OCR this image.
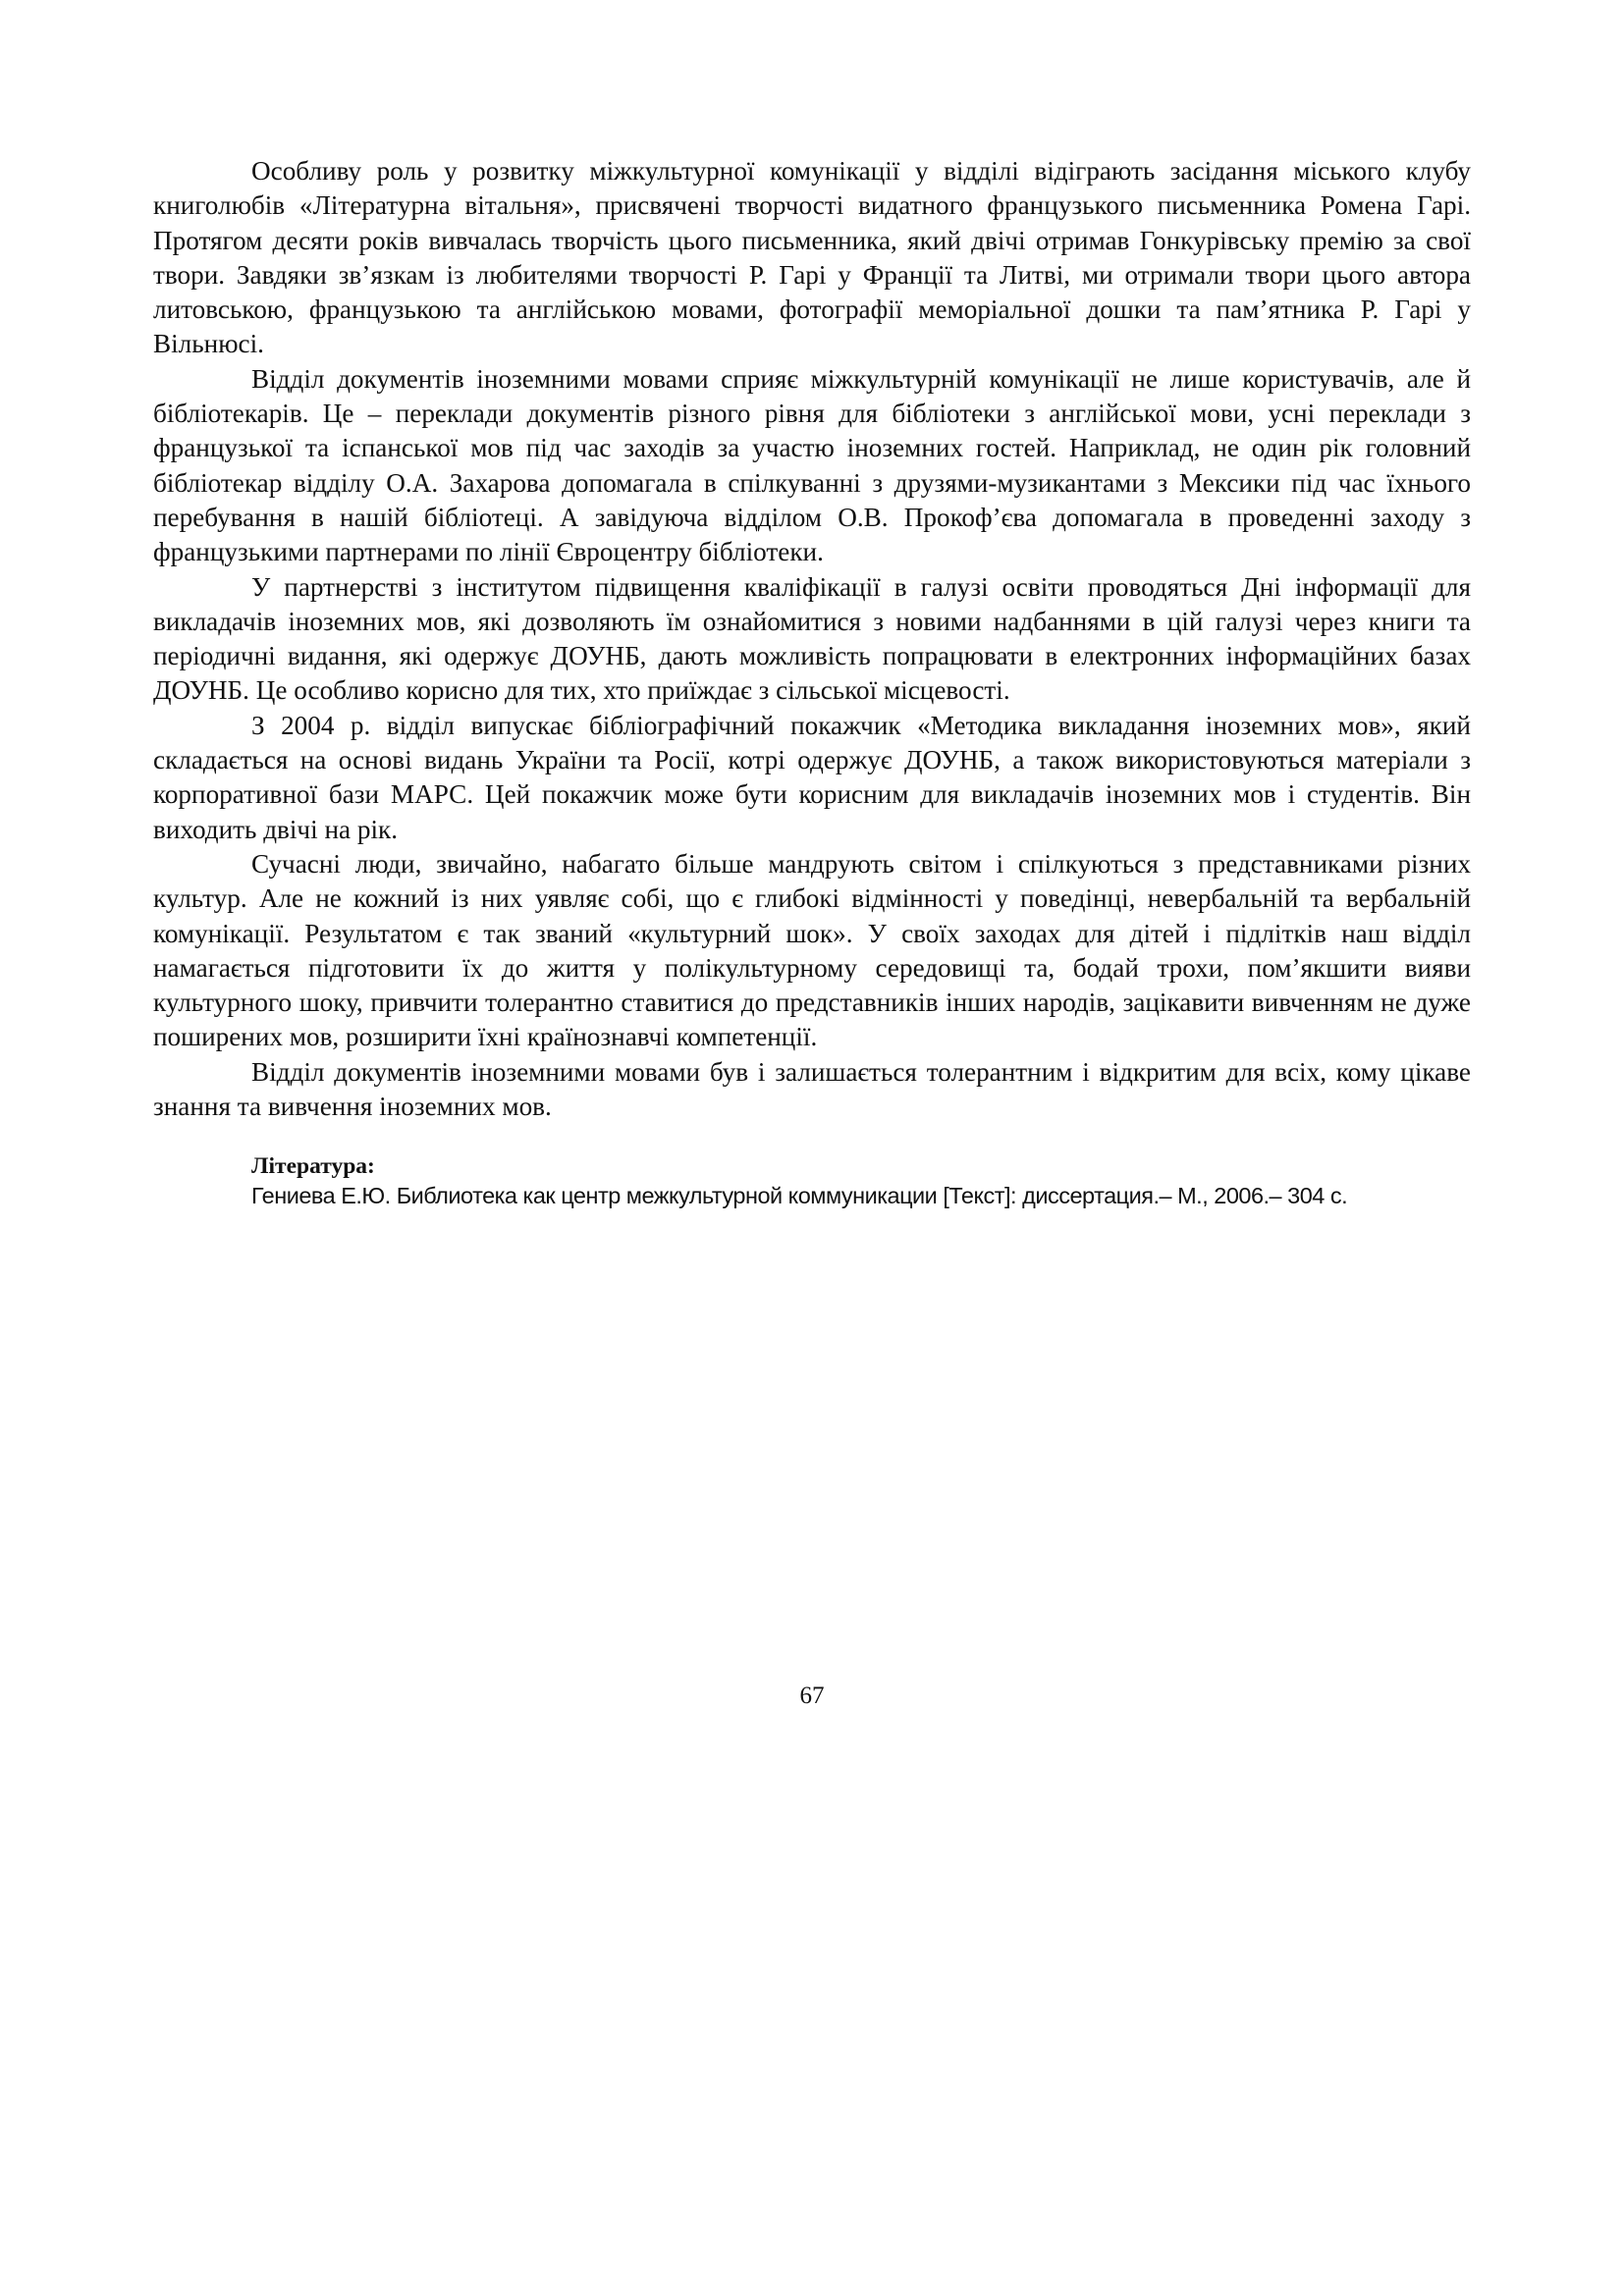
Особливу роль у розвитку міжкультурної комунікації у відділі відіграють засідання міського клубу книголюбів «Літературна вітальня», присвячені творчості видатного французького письменника Ромена Гарі. Протягом десяти років вивчалась творчість цього письменника, який двічі отримав Гонкурівську премію за свої твори. Завдяки зв’язкам із любителями творчості Р. Гарі у Франції та Литві, ми отримали твори цього автора литовською, французькою та англійською мовами, фотографії меморіальної дошки та пам’ятника Р. Гарі у Вільнюсі.

Відділ документів іноземними мовами сприяє міжкультурній комунікації не лише користувачів, але й бібліотекарів. Це – переклади документів різного рівня для бібліотеки з англійської мови, усні переклади з французької та іспанської мов під час заходів за участю іноземних гостей. Наприклад, не один рік головний бібліотекар відділу О.А. Захарова допомагала в спілкуванні з друзями-музикантами з Мексики під час їхнього перебування в нашій бібліотеці. А завідуюча відділом О.В. Прокоф’єва допомагала в проведенні заходу з французькими партнерами по лінії Євроцентру бібліотеки.

У партнерстві з інститутом підвищення кваліфікації в галузі освіти проводяться Дні інформації для викладачів іноземних мов, які дозволяють їм ознайомитися з новими надбаннями в цій галузі через книги та періодичні видання, які одержує ДОУНБ, дають можливість попрацювати в електронних інформаційних базах ДОУНБ. Це особливо корисно для тих, хто приїждає з сільської місцевості.

З 2004 р. відділ випускає бібліографічний покажчик «Методика викладання іноземних мов», який складається на основі видань України та Росії, котрі одержує ДОУНБ, а також використовуються матеріали з корпоративної бази МАРС. Цей покажчик може бути корисним для викладачів іноземних мов і студентів. Він виходить двічі на рік.

Сучасні люди, звичайно, набагато більше мандрують світом і спілкуються з представниками різних культур. Але не кожний із них уявляє собі, що є глибокі відмінності у поведінці, невербальній та вербальній комунікації. Результатом є так званий «культурний шок». У своїх заходах для дітей і підлітків наш відділ намагається підготовити їх до життя у полікультурному середовищі та, бодай трохи, пом’якшити вияви культурного шоку, привчити толерантно ставитися до представників інших народів, зацікавити вивченням не дуже поширених мов, розширити їхні країнознавчі компетенції.

Відділ документів іноземними мовами був і залишається толерантним і відкритим для всіх, кому цікаве знання та вивчення іноземних мов.

Література:

Гениева Е.Ю. Библиотека как центр межкультурной коммуникации [Текст]: диссертация.– М., 2006.– 304 с.

67
